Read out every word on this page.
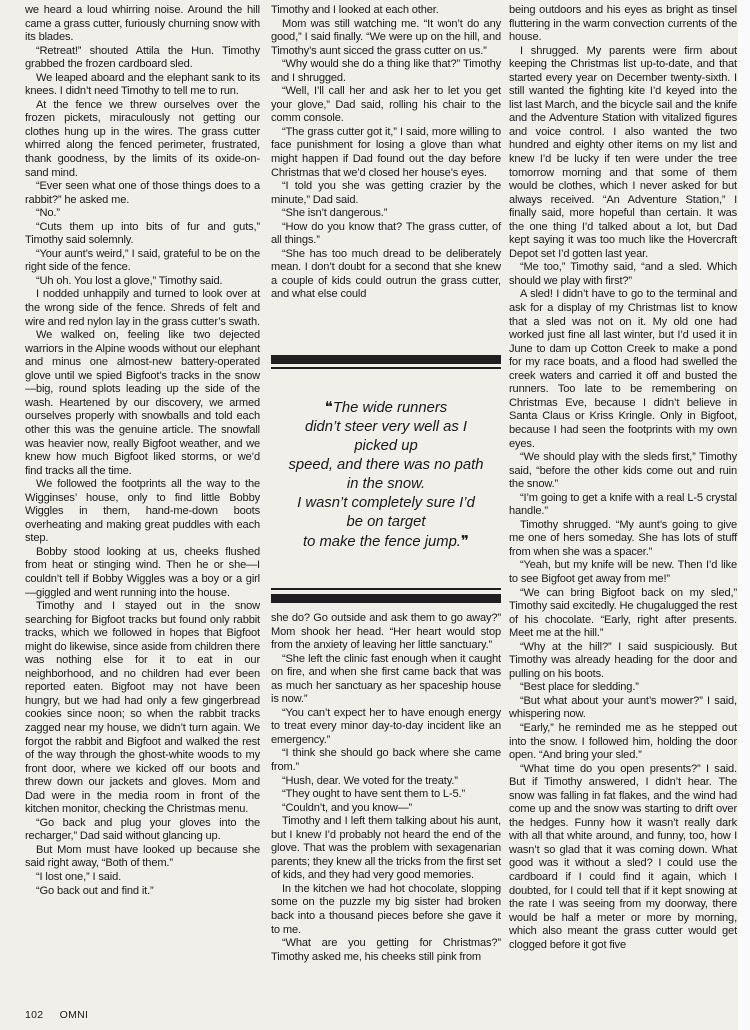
we heard a loud whirring noise. Around the hill came a grass cutter, furiously churning snow with its blades.

“Retreat!” shouted Attila the Hun. Timothy grabbed the frozen cardboard sled.

We leaped aboard and the elephant sank to its knees. I didn’t need Timothy to tell me to run.

At the fence we threw ourselves over the frozen pickets, miraculously not getting our clothes hung up in the wires. The grass cutter whirred along the fenced perimeter, frustrated, thank goodness, by the limits of its oxide-on-sand mind.

“Ever seen what one of those things does to a rabbit?” he asked me.

“No.”

“Cuts them up into bits of fur and guts,” Timothy said solemnly.

“Your aunt’s weird,” I said, grateful to be on the right side of the fence.

“Uh oh. You lost a glove,” Timothy said.

I nodded unhappily and turned to look over at the wrong side of the fence. Shreds of felt and wire and red nylon lay in the grass cutter’s swath.

We walked on, feeling like two dejected warriors in the Alpine woods without our elephant and minus one almost-new battery-operated glove until we spied Bigfoot’s tracks in the snow—big, round splots leading up the side of the wash. Heartened by our discovery, we armed ourselves properly with snowballs and told each other this was the genuine article. The snowfall was heavier now, really Bigfoot weather, and we knew how much Bigfoot liked storms, or we’d find tracks all the time.

We followed the footprints all the way to the Wigginses’ house, only to find little Bobby Wiggles in them, hand-me-down boots overheating and making great puddles with each step.

Bobby stood looking at us, cheeks flushed from heat or stinging wind. Then he or she—I couldn’t tell if Bobby Wiggles was a boy or a girl—giggled and went running into the house.

Timothy and I stayed out in the snow searching for Bigfoot tracks but found only rabbit tracks, which we followed in hopes that Bigfoot might do likewise, since aside from children there was nothing else for it to eat in our neighborhood, and no children had ever been reported eaten. Bigfoot may not have been hungry, but we had had only a few gingerbread cookies since noon; so when the rabbit tracks zagged near my house, we didn’t turn again. We forgot the rabbit and Bigfoot and walked the rest of the way through the ghost-white woods to my front door, where we kicked off our boots and threw down our jackets and gloves. Mom and Dad were in the media room in front of the kitchen monitor, checking the Christmas menu.

“Go back and plug your gloves into the recharger,” Dad said without glancing up.

But Mom must have looked up because she said right away, “Both of them.”

“I lost one,” I said.

“Go back out and find it.”

Timothy and I looked at each other.

Mom was still watching me. “It won’t do any good,” I said finally. “We were up on the hill, and Timothy’s aunt sicced the grass cutter on us.”

“Why would she do a thing like that?” Timothy and I shrugged.

“Well, I’ll call her and ask her to let you get your glove,” Dad said, rolling his chair to the comm console.

“The grass cutter got it,” I said, more willing to face punishment for losing a glove than what might happen if Dad found out the day before Christmas that we’d closed her house’s eyes.

“I told you she was getting crazier by the minute,” Dad said.

“She isn’t dangerous.”

“How do you know that? The grass cutter, of all things.”

“She has too much dread to be deliberately mean. I don’t doubt for a second that she knew a couple of kids could outrun the grass cutter, and what else could

❝The wide runners
didn’t steer very well as I
picked up
speed, and there was no path
in the snow.
I wasn’t completely sure I’d
be on target
to make the fence jump.❞

she do? Go outside and ask them to go away?” Mom shook her head. “Her heart would stop from the anxiety of leaving her little sanctuary.”

“She left the clinic fast enough when it caught on fire, and when she first came back that was as much her sanctuary as her spaceship house is now.”

“You can’t expect her to have enough energy to treat every minor day-to-day incident like an emergency.”

“I think she should go back where she came from.”

“Hush, dear. We voted for the treaty.”

“They ought to have sent them to L-5.”

“Couldn’t, and you know—”

Timothy and I left them talking about his aunt, but I knew I’d probably not heard the end of the glove. That was the problem with sexagenarian parents; they knew all the tricks from the first set of kids, and they had very good memories.

In the kitchen we had hot chocolate, slopping some on the puzzle my big sister had broken back into a thousand pieces before she gave it to me.

“What are you getting for Christmas?” Timothy asked me, his cheeks still pink from

being outdoors and his eyes as bright as tinsel fluttering in the warm convection currents of the house.

I shrugged. My parents were firm about keeping the Christmas list up-to-date, and that started every year on December twenty-sixth. I still wanted the fighting kite I’d keyed into the list last March, and the bicycle sail and the knife and the Adventure Station with vitalized figures and voice control. I also wanted the two hundred and eighty other items on my list and knew I’d be lucky if ten were under the tree tomorrow morning and that some of them would be clothes, which I never asked for but always received. “An Adventure Station,” I finally said, more hopeful than certain. It was the one thing I’d talked about a lot, but Dad kept saying it was too much like the Hovercraft Depot set I’d gotten last year.

“Me too,” Timothy said, “and a sled. Which should we play with first?”

A sled! I didn’t have to go to the terminal and ask for a display of my Christmas list to know that a sled was not on it. My old one had worked just fine all last winter, but I’d used it in June to dam up Cotton Creek to make a pond for my race boats, and a flood had swelled the creek waters and carried it off and busted the runners. Too late to be remembering on Christmas Eve, because I didn’t believe in Santa Claus or Kriss Kringle. Only in Bigfoot, because I had seen the footprints with my own eyes.

“We should play with the sleds first,” Timothy said, “before the other kids come out and ruin the snow.”

“I’m going to get a knife with a real L-5 crystal handle.”

Timothy shrugged. “My aunt’s going to give me one of hers someday. She has lots of stuff from when she was a spacer.”

“Yeah, but my knife will be new. Then I’d like to see Bigfoot get away from me!”

“We can bring Bigfoot back on my sled,” Timothy said excitedly. He chugalugged the rest of his chocolate. “Early, right after presents. Meet me at the hill.”

“Why at the hill?” I said suspiciously. But Timothy was already heading for the door and pulling on his boots.

“Best place for sledding.”

“But what about your aunt’s mower?” I said, whispering now.

“Early,” he reminded me as he stepped out into the snow. I followed him, holding the door open. “And bring your sled.”

“What time do you open presents?” I said. But if Timothy answered, I didn’t hear. The snow was falling in fat flakes, and the wind had come up and the snow was starting to drift over the hedges. Funny how it wasn’t really dark with all that white around, and funny, too, how I wasn’t so glad that it was coming down. What good was it without a sled? I could use the cardboard if I could find it again, which I doubted, for I could tell that if it kept snowing at the rate I was seeing from my doorway, there would be half a meter or more by morning, which also meant the grass cutter would get clogged before it got five

102 OMNI
